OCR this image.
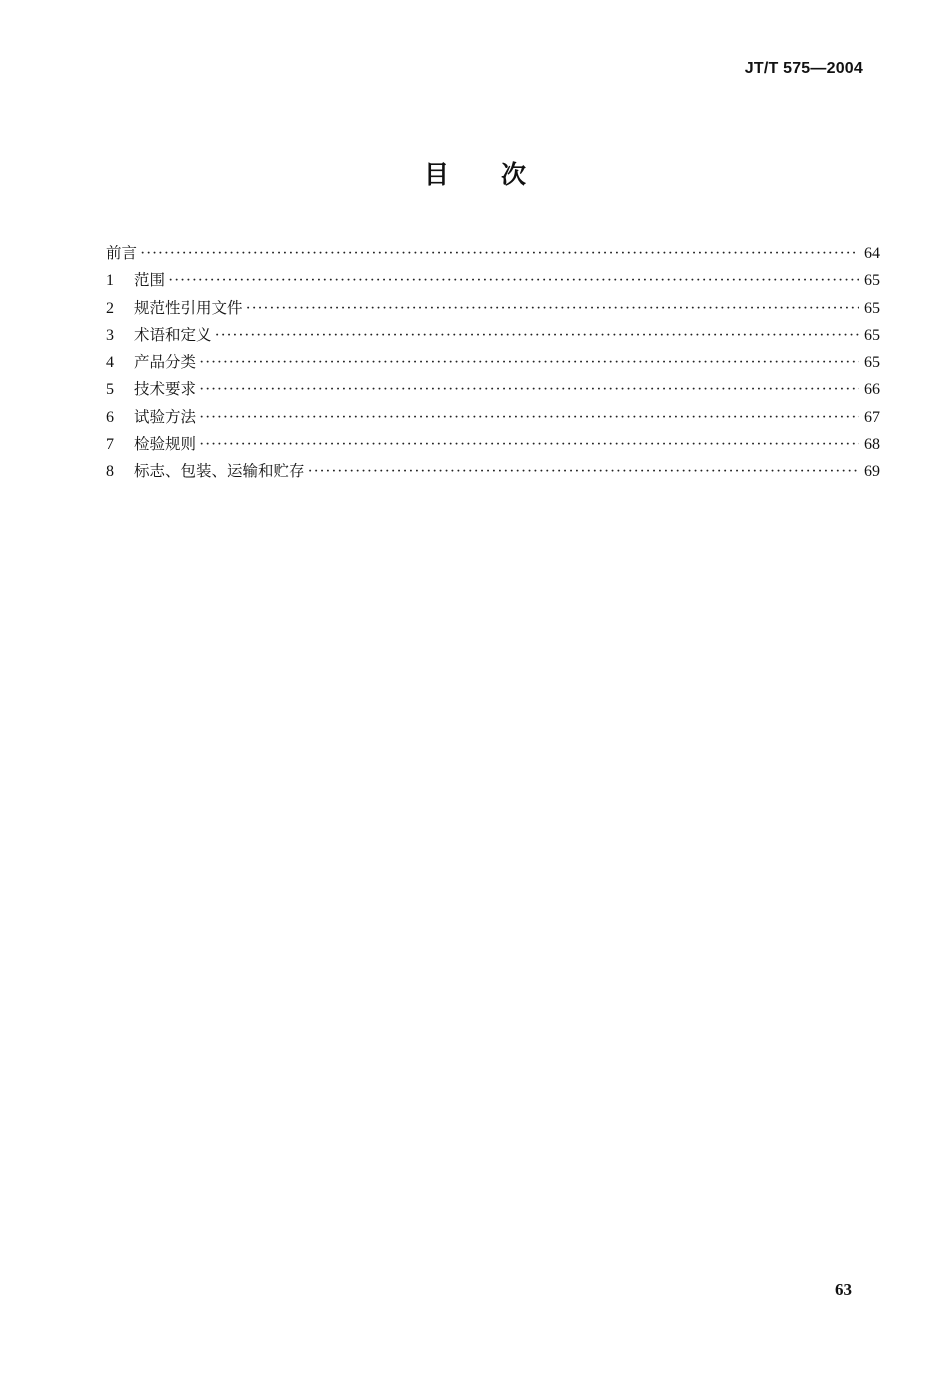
JT/T 575—2004
目次
前言 ·····	64
1	范围 ·····	65
2	规范性引用文件 ·····	65
3	术语和定义 ·····	65
4	产品分类 ·····	65
5	技术要求 ·····	66
6	试验方法 ·····	67
7	检验规则 ·····	68
8	标志、包装、运输和贮存 ·····	69
63
